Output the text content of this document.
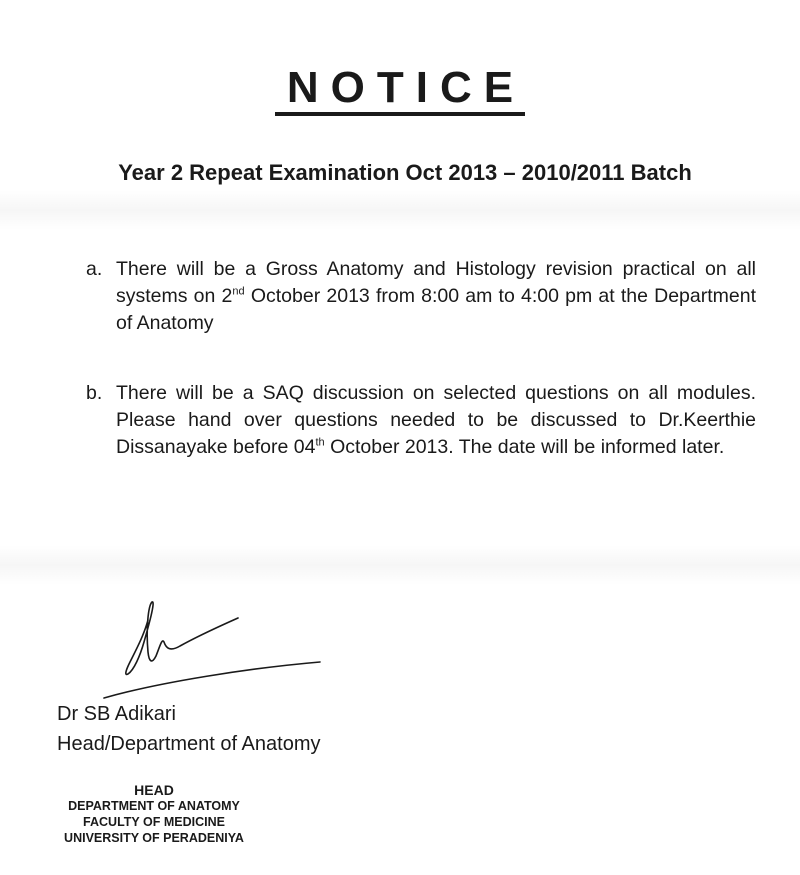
NOTICE
Year 2 Repeat Examination Oct 2013 – 2010/2011 Batch
a. There will be a Gross Anatomy and Histology revision practical on all systems on 2nd October 2013 from 8:00 am to 4:00 pm at the Department of Anatomy
b. There will be a SAQ discussion on selected questions on all modules. Please hand over questions needed to be discussed to Dr.Keerthie Dissanayake before 04th October 2013. The date will be informed later.

Dr SB Adikari

Head/Department of Anatomy

HEAD
DEPARTMENT OF ANATOMY
FACULTY OF MEDICINE
UNIVERSITY OF PERADENIYA
